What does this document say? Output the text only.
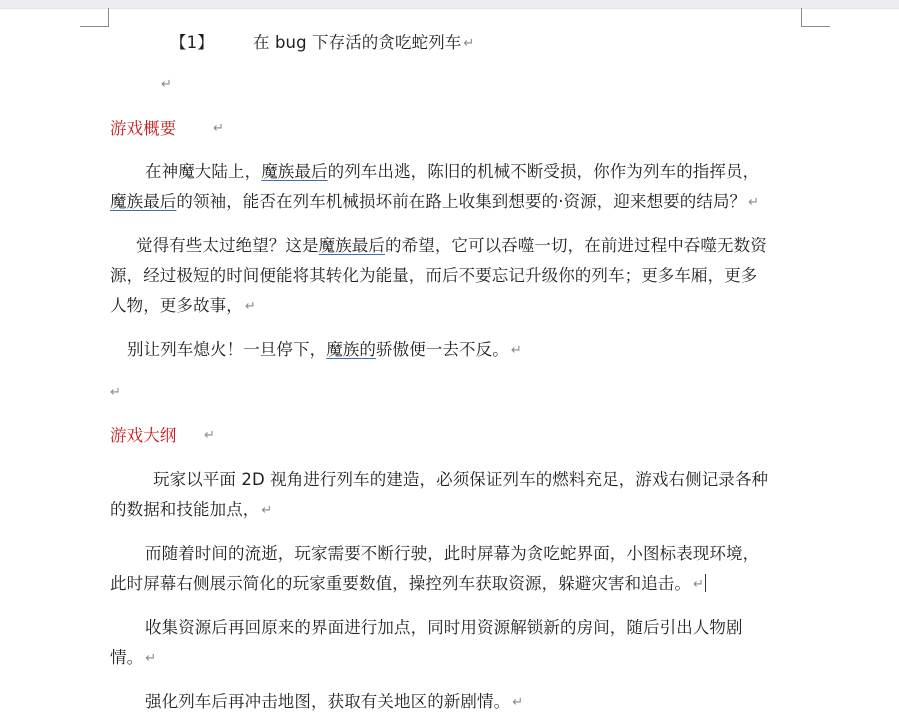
【1】 在 bug 下存活的贪吃蛇列车 ↵
↵
游戏概要	↵
在神魔大陆上，魔族最后的列车出逃，陈旧的机械不断受损，你作为列车的指挥员，
魔族最后的领袖，能否在列车机械损坏前在路上收集到想要的·资源，迎来想要的结局？ ↵
觉得有些太过绝望？这是魔族最后的希望，它可以吞噬一切，在前进过程中吞噬无数资
源，经过极短的时间便能将其转化为能量，而后不要忘记升级你的列车；更多车厢，更多
人物，更多故事， ↵
别让列车熄火！一旦停下，魔族的骄傲便一去不反。 ↵
↵
游戏大纲 ↵
玩家以平面 2D 视角进行列车的建造，必须保证列车的燃料充足，游戏右侧记录各种
的数据和技能加点， ↵
而随着时间的流逝，玩家需要不断行驶，此时屏幕为贪吃蛇界面，小图标表现环境，
此时屏幕右侧展示简化的玩家重要数值，操控列车获取资源，躲避灾害和追击。 ↵
收集资源后再回原来的界面进行加点，同时用资源解锁新的房间，随后引出人物剧
情。 ↵
强化列车后再冲击地图，获取有关地区的新剧情。 ↵
